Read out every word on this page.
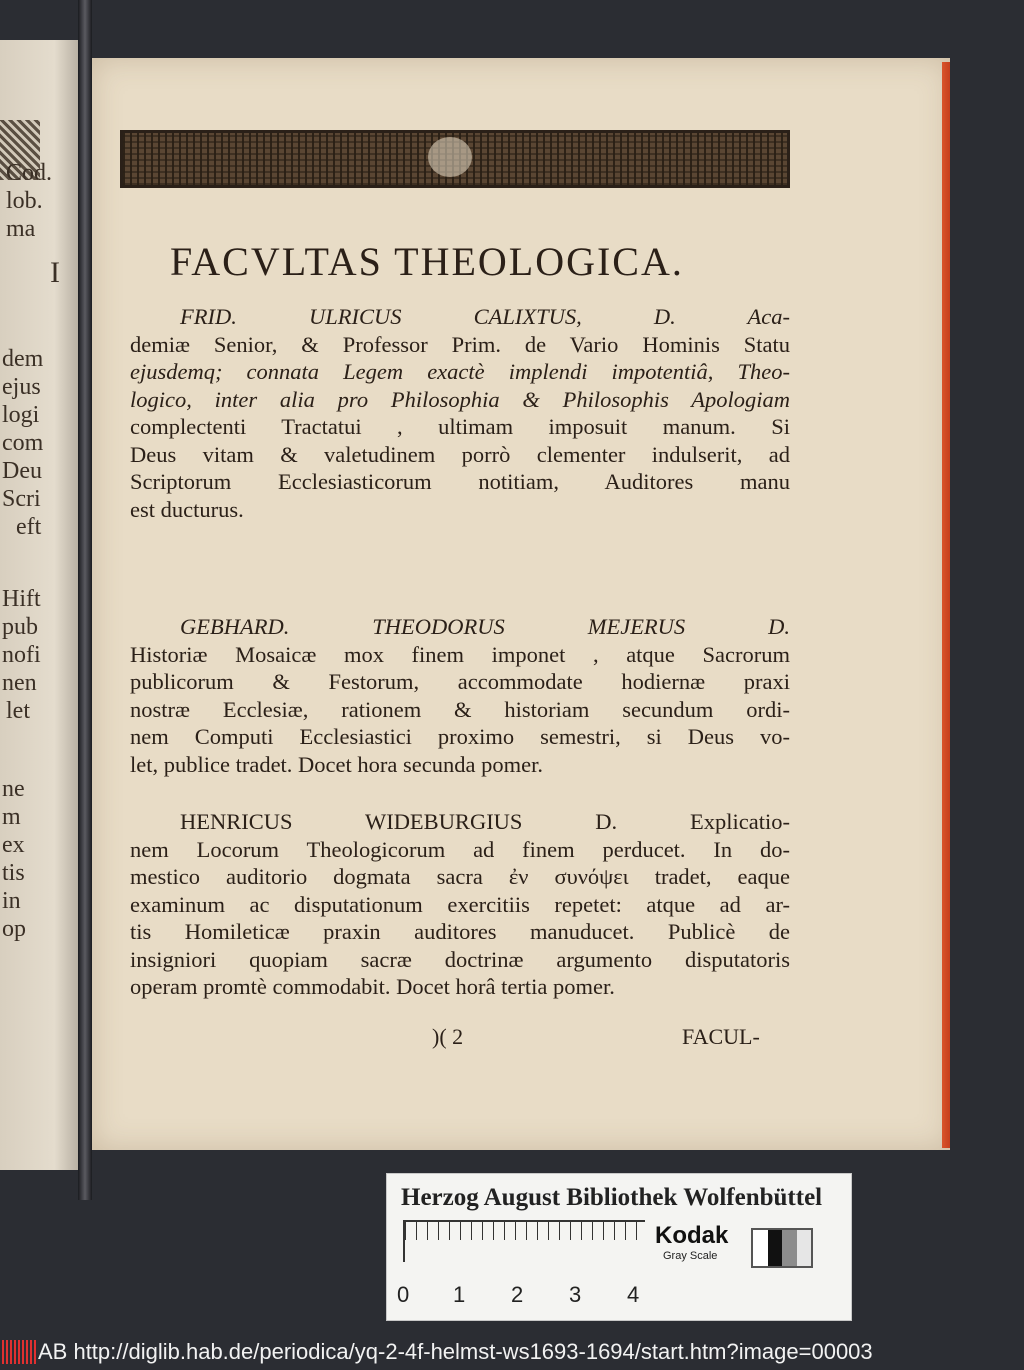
Cod.
lob.
ma
I
dem
ejus
logi
com
Deu
Scri
eft
Hift
pub
nofi
nen
let
ne
m
ex
tis
in
op
FACVLTAS THEOLOGICA.
FRID. ULRICUS CALIXTUS, D. Aca-
demiæ Senior, & Professor Prim. de Vario Hominis Statu
ejusdemq; connata Legem exactè implendi impotentiâ, Theo-
logico, inter alia pro Philosophia & Philosophis Apologiam
complectenti Tractatui , ultimam imposuit manum. Si
Deus vitam & valetudinem porrò clementer indulserit, ad
Scriptorum Ecclesiasticorum notitiam, Auditores manu
est ducturus.
GEBHARD. THEODORUS MEJERUS D.
Historiæ Mosaicæ mox finem imponet , atque Sacrorum
publicorum & Festorum, accommodate hodiernæ praxi
nostræ Ecclesiæ, rationem & historiam secundum ordi-
nem Computi Ecclesiastici proximo semestri, si Deus vo-
let, publice tradet. Docet hora secunda pomer.
HENRICUS WIDEBURGIUS D. Explicatio-
nem Locorum Theologicorum ad finem perducet. In do-
mestico auditorio dogmata sacra ἐν συνόψει tradet, eaque
examinum ac disputationum exercitiis repetet: atque ad ar-
tis Homileticæ praxin auditores manuducet. Publicè de
insigniori quopiam sacræ doctrinæ argumento disputatoris
operam promtè commodabit. Docet horâ tertia pomer.
)( 2	FACUL-
Herzog August Bibliothek Wolfenbüttel
0 1 2 3 4
Kodak
Gray Scale
AB http://diglib.hab.de/periodica/yq-2-4f-helmst-ws1693-1694/start.htm?image=00003
